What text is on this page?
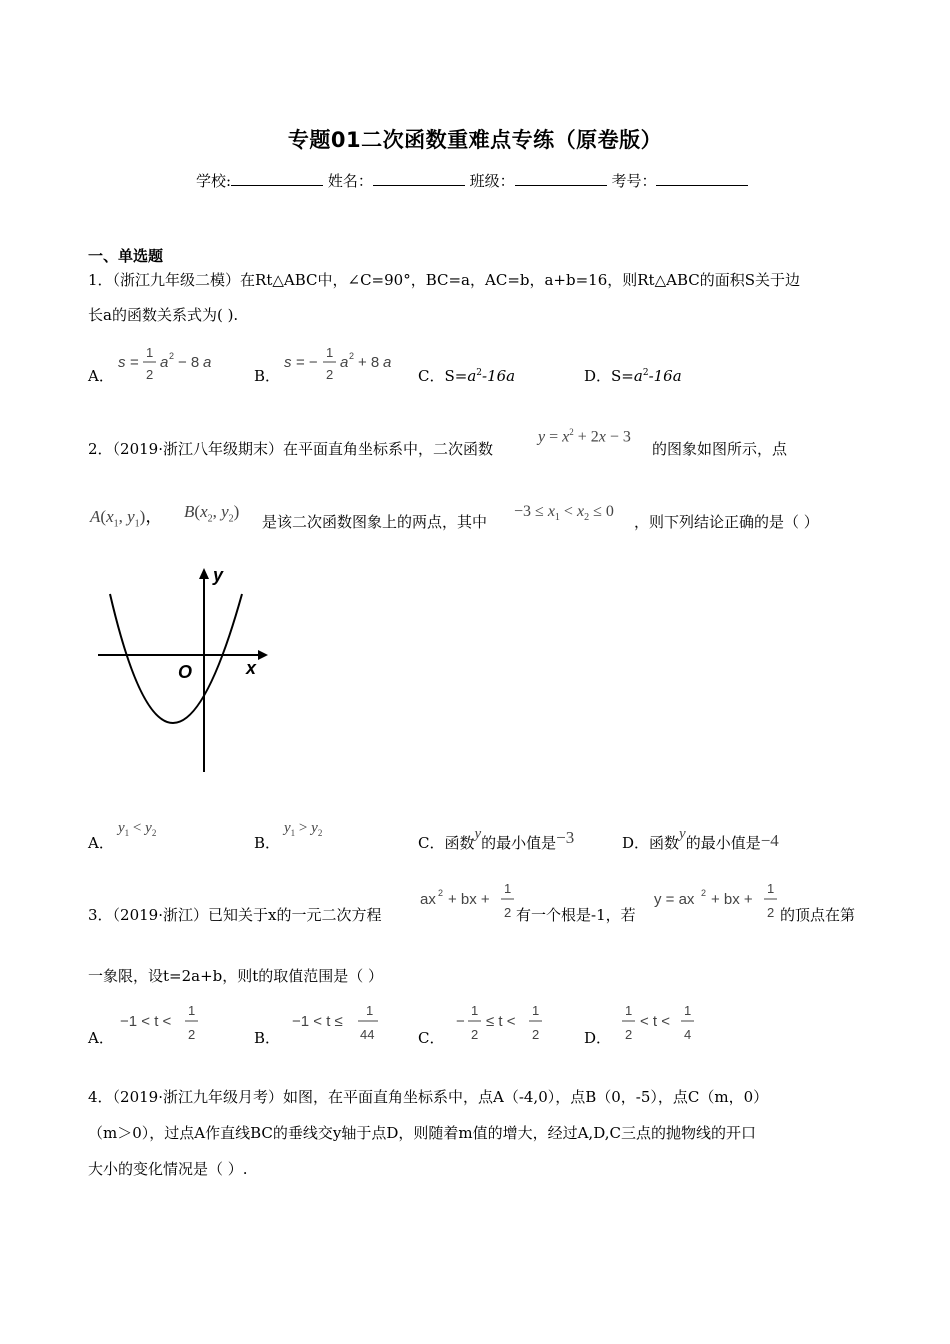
专题01二次函数重难点专练（原卷版）
学校:	姓名：	班级：	考号：
一、单选题
1．（浙江九年级二模）在Rt△ABC中，∠C=90°，BC=a，AC=b，a+b=16，则Rt△ABC的面积S关于边
长a的函数关系式为( ).
A．
s =
1
2
a 2 − 8 a
B．
s = −
1
2
a 2 + 8 a
C．$S=a^2-16a$	D．$S=a^2-16a$
2．（2019·浙江八年级期末）在平面直角坐标系中，二次函数
$y = x^2 + 2x - 3$
的图象如图所示，点
$A(x_1$, $y_1$)， $B(x_2$, $y_2$)
是该二次函数图象上的两点，其中
$-3 \le x_1 < x_2 \le 0$
，则下列结论正确的是（ ）
y
x
O
A．
$y_1 < y_2$
B．
$y_1 > y_2$
C．函数y的最小值是−3	D．函数y的最小值是−4
3．（2019·浙江）已知关于x的一元二次方程
ax 2 + bx +
1
2 有一个根是-1，若
y = ax 2 + bx +
1
2 的顶点在第
一象限，设t=2a+b，则t的取值范围是（ ）
A．
−1 < t <
1
2	B．
−1 < t ≤
1
44	C．
−
1
2
≤ t <
1
2	D．
1
2
< t <
1
4
4．（2019·浙江九年级月考）如图，在平面直角坐标系中，点A（-4,0），点B（0，-5），点C（m，0）
（m＞0），过点A作直线BC的垂线交y轴于点D，则随着m值的增大，经过A,D,C三点的抛物线的开口
大小的变化情况是（ ）.
